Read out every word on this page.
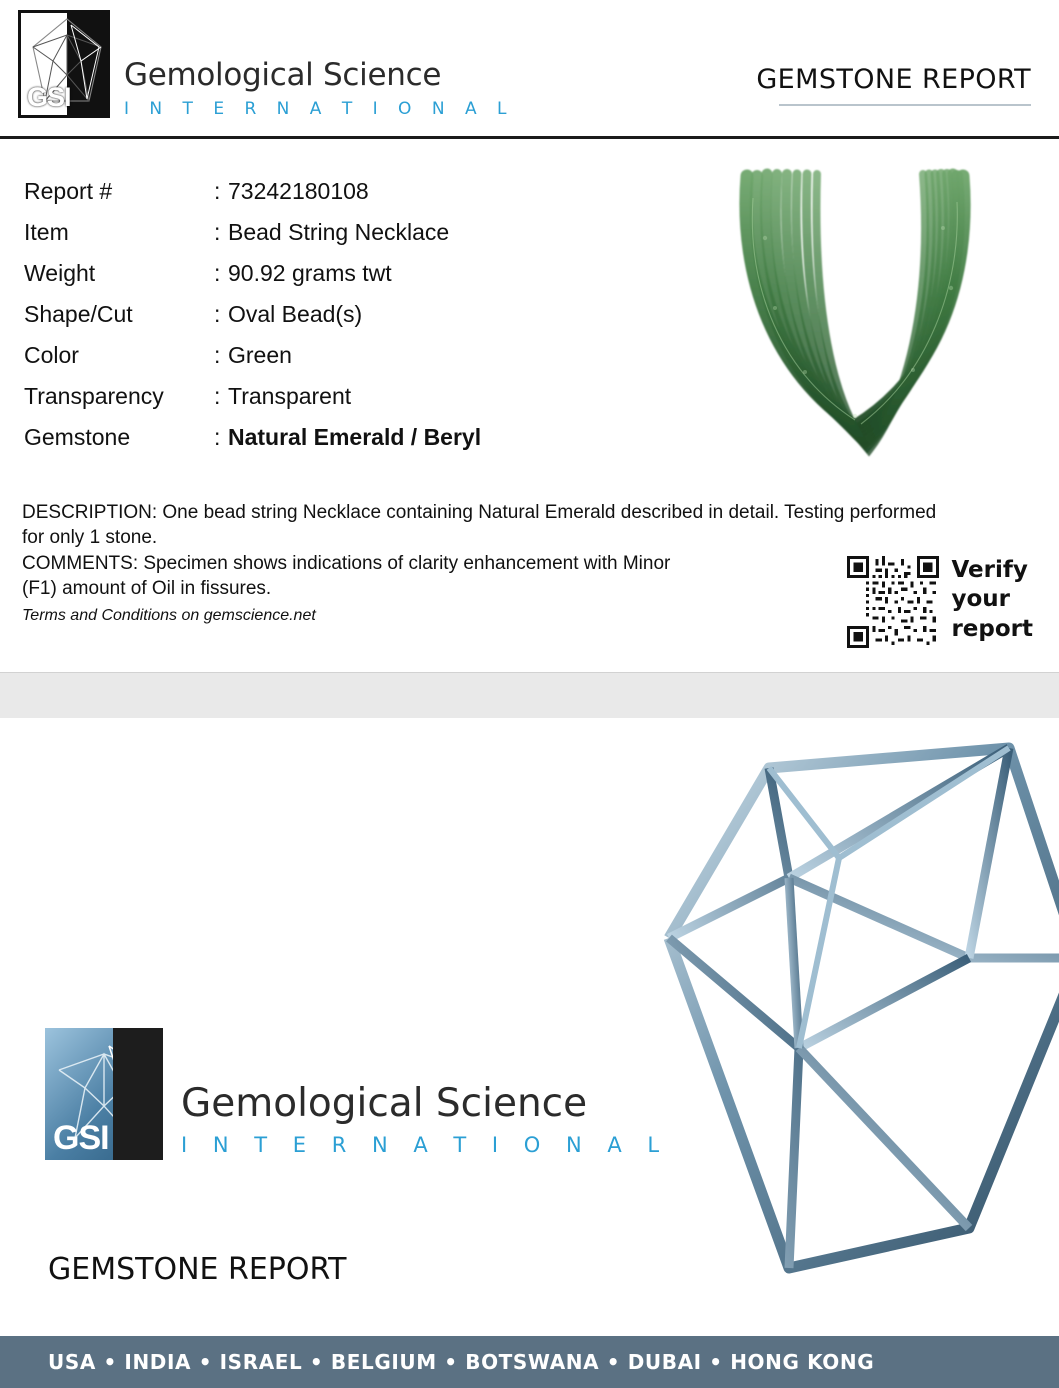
GSI
Gemological Science
I N T E R N A T I O N A L
GEMSTONE REPORT
Report #	: 73242180108
Item	: Bead String Necklace
Weight	: 90.92 grams twt
Shape/Cut	: Oval Bead(s)
Color	: Green
Transparency	: Transparent
Gemstone	: Natural Emerald / Beryl

DESCRIPTION: One bead string Necklace containing Natural Emerald described in detail. Testing performed

for only 1 stone.

COMMENTS: Specimen shows indications of clarity enhancement with Minor

(F1) amount of Oil in fissures.

Terms and Conditions on gemscience.net

Verify
your
report
GSI
Gemological Science
I N T E R N A T I O N A L
USA • INDIA • ISRAEL • BELGIUM • BOTSWANA • DUBAI • HONG KONG
GEMSTONE REPORT
